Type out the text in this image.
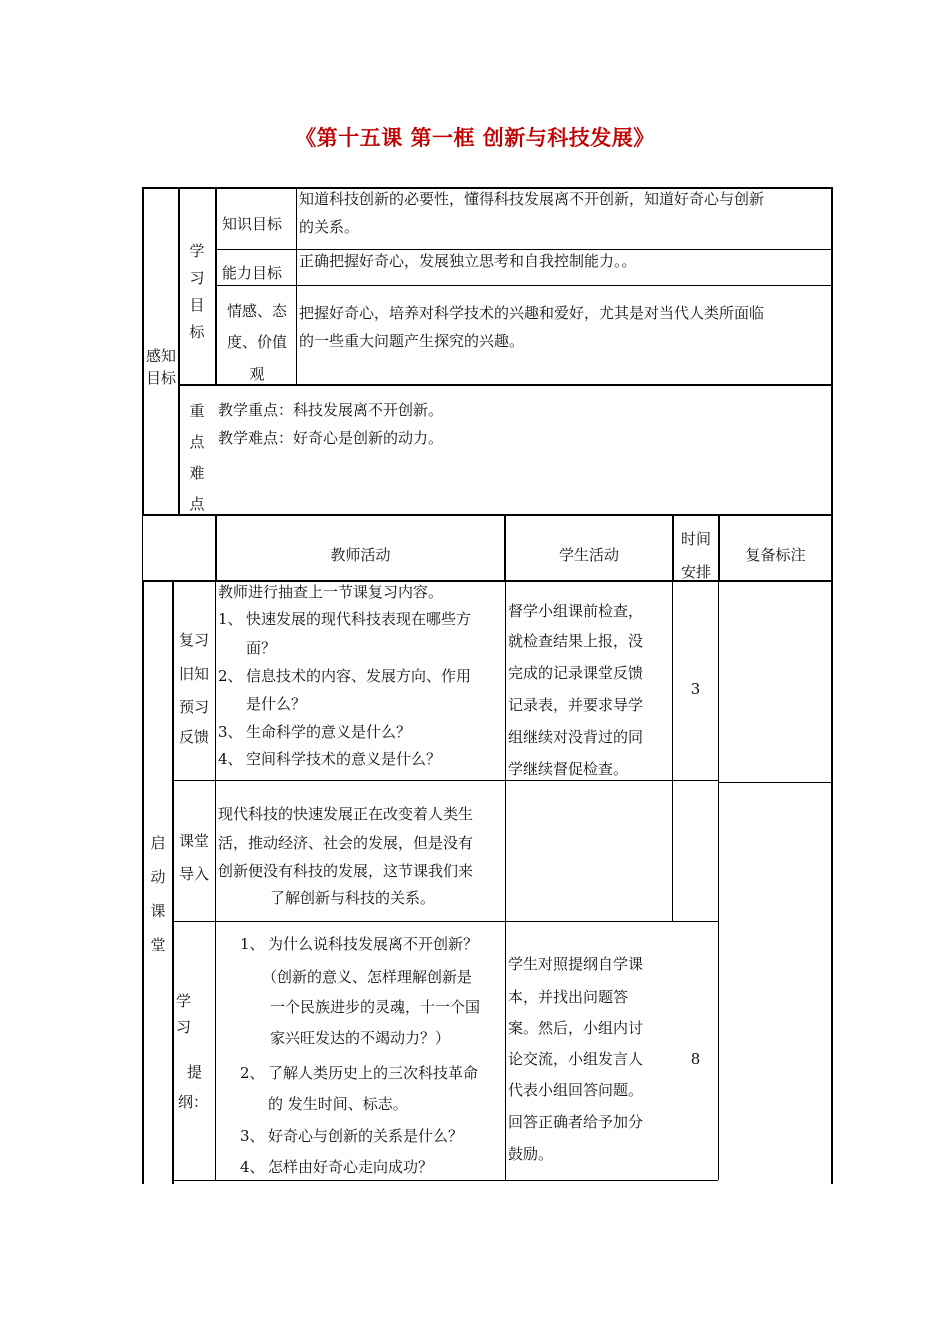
《第十五课 第一框 创新与科技发展》
感知目标
学习目标
知识目标
知道科技创新的必要性，懂得科技发展离不开创新，知道好奇心与创新
的关系。
能力目标
正确把握好奇心，发展独立思考和自我控制能力。。
情感、态
度、价值
观
把握好奇心，培养对科学技术的兴趣和爱好，尤其是对当代人类所面临
的一些重大问题产生探究的兴趣。
重点难点
教学重点：科技发展离不开创新。
教学难点：好奇心是创新的动力。
教师活动	学生活动
时间
安排
复备标注
启动课堂
复习
旧知
预习
反馈
教师进行抽查上一节课复习内容。
1、 快速发展的现代科技表现在哪些方
面？
2、 信息技术的内容、发展方向、作用
是什么？
3、 生命科学的意义是什么？
4、 空间科学技术的意义是什么？
督学小组课前检查，
就检查结果上报，没
完成的记录课堂反馈
记录表，并要求导学
组继续对没背过的同
学继续督促检查。
3
课堂
导入
现代科技的快速发展正在改变着人类生
活，推动经济、社会的发展，但是没有
创新便没有科技的发展，这节课我们来
了解创新与科技的关系。
学
习
提
纲：
1、 为什么说科技发展离不开创新？
（创新的意义、怎样理解创新是
一个民族进步的灵魂，十一个国
家兴旺发达的不竭动力？）
2、 了解人类历史上的三次科技革命
的 发生时间、标志。
3、 好奇心与创新的关系是什么？
4、 怎样由好奇心走向成功？
学生对照提纲自学课
本，并找出问题答
案。然后，小组内讨
论交流，小组发言人
代表小组回答问题。
回答正确者给予加分
鼓励。
8
